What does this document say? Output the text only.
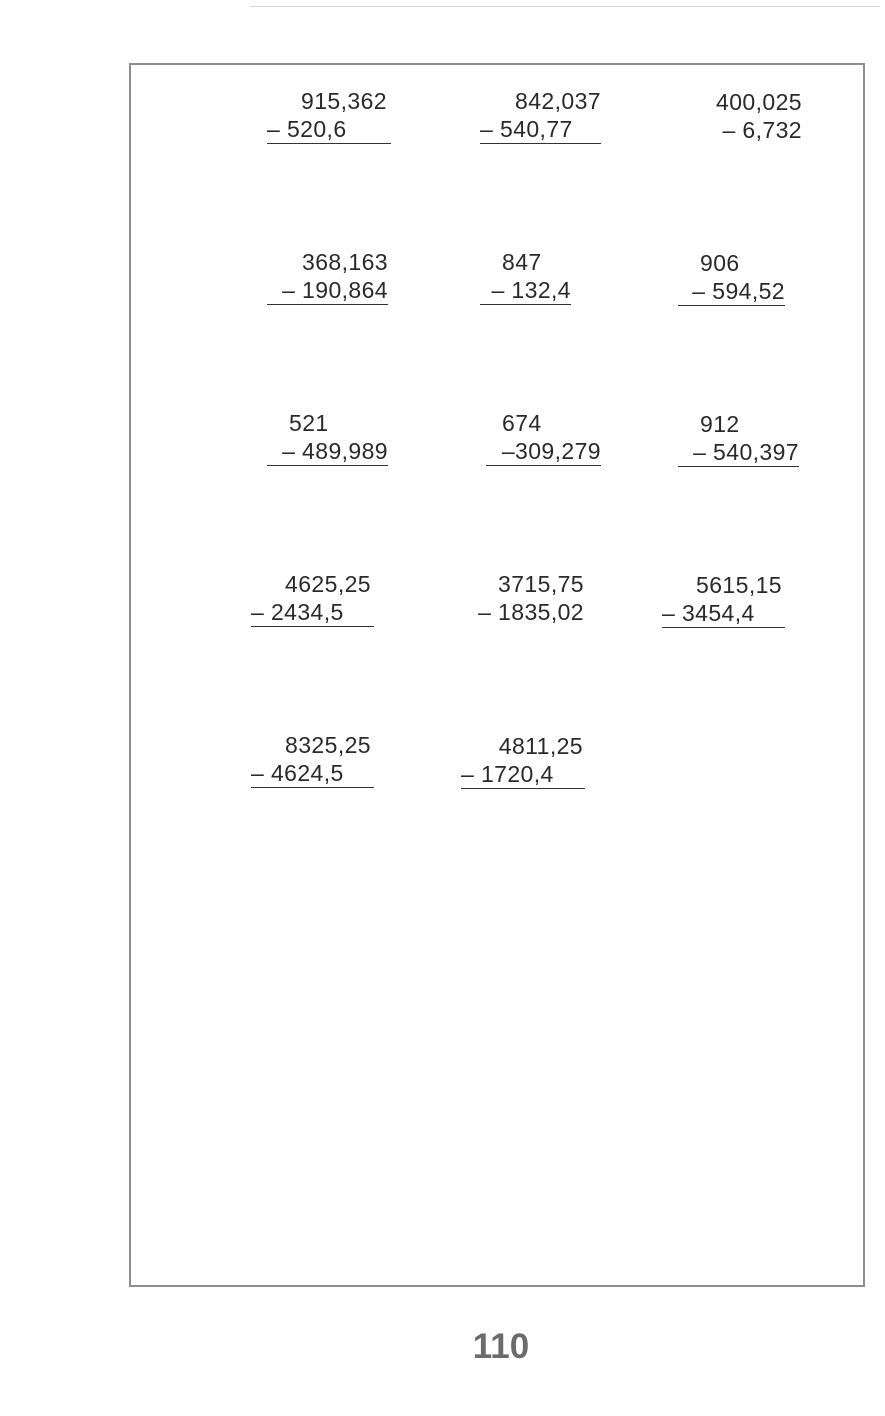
915,362
– 520,6
842,037
– 540,77
400,025
– 6,732
368,163
– 190,864
847
– 132,4
906
– 594,52
521
– 489,989
674
–309,279
912
– 540,397
4625,25
– 2434,5
3715,75
– 1835,02
5615,15
– 3454,4
8325,25
– 4624,5
4811,25
– 1720,4
110
